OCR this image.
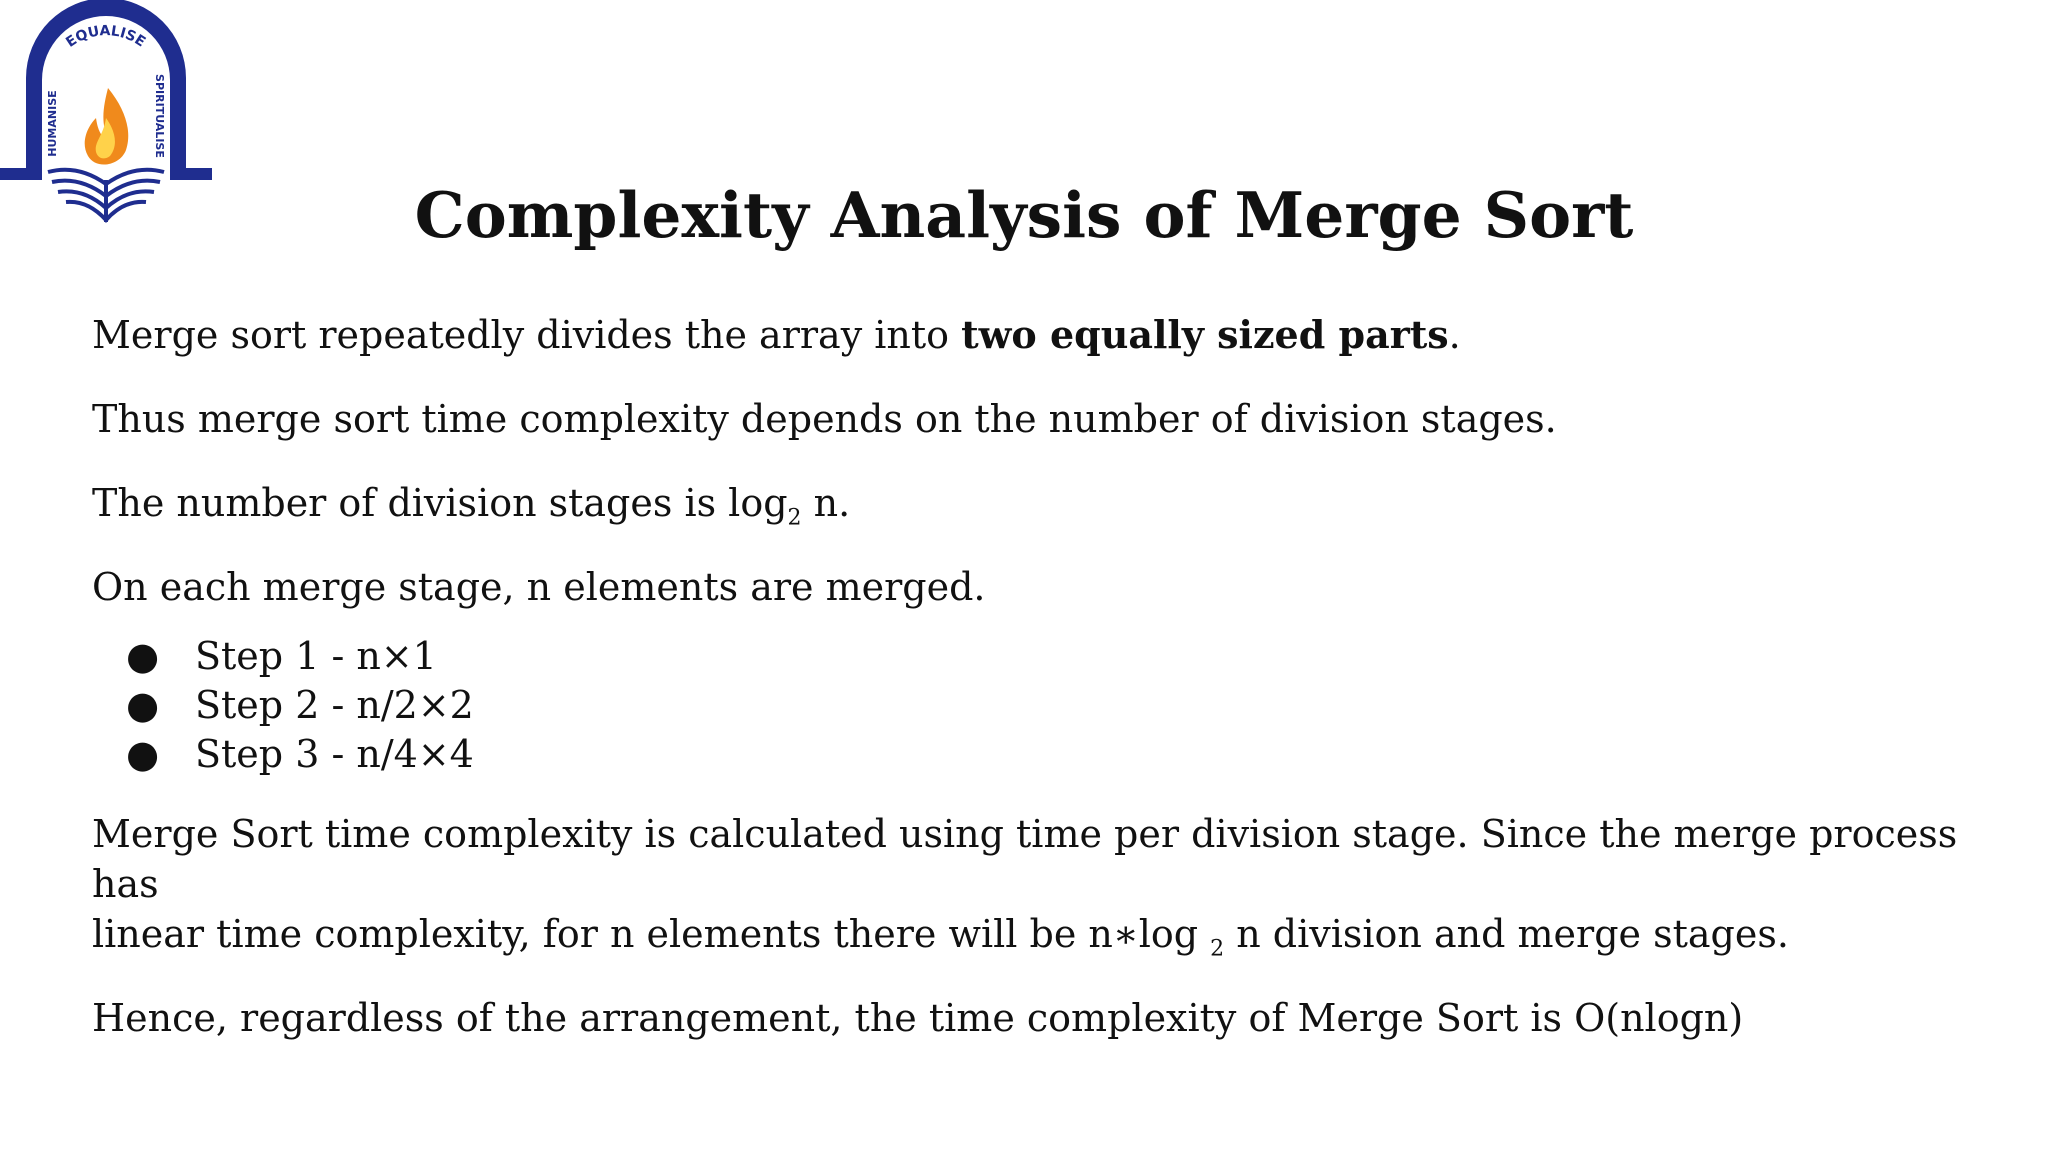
EQUALISE
HUMANISE
SPIRITUALISE
Complexity Analysis of Merge Sort

Merge sort repeatedly divides the array into two equally sized parts.

Thus merge sort time complexity depends on the number of division stages.

The number of division stages is $\log_2 n$.

On each merge stage, n elements are merged.

● Step 1 - n×1
● Step 2 - n/2×2
● Step 3 - n/4×4

Merge Sort time complexity is calculated using time per division stage. Since the merge process has
linear time complexity, for n elements there will be n∗log $_2$ n division and merge stages.

Hence, regardless of the arrangement, the time complexity of Merge Sort is O(nlogn)
